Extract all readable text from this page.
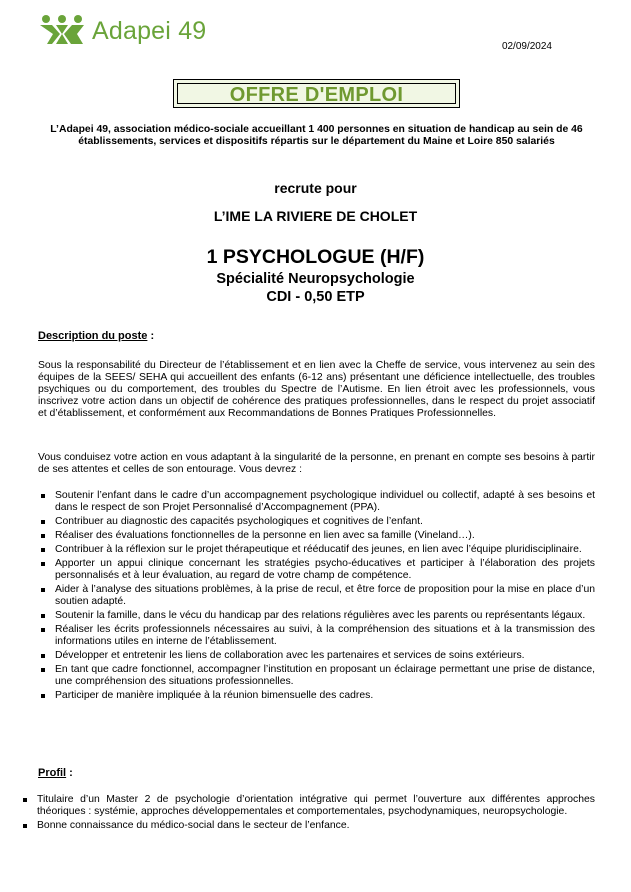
Adapei 49
02/09/2024
OFFRE D'EMPLOI
L’Adapei 49, association médico-sociale accueillant 1 400 personnes en situation de handicap au sein de 46 établissements, services et dispositifs répartis sur le département du Maine et Loire 850 salariés
recrute pour
L’IME LA RIVIERE DE CHOLET
1 PSYCHOLOGUE (H/F)
Spécialité Neuropsychologie
CDI - 0,50 ETP
Description du poste :
Sous la responsabilité du Directeur de l’établissement et en lien avec la Cheffe de service, vous intervenez au sein des équipes de la SEES/ SEHA qui accueillent des enfants (6-12 ans) présentant une déficience intellectuelle, des troubles psychiques ou du comportement, des troubles du Spectre de l’Autisme. En lien étroit avec les professionnels, vous inscrivez votre action dans un objectif de cohérence des pratiques professionnelles, dans le respect du projet associatif et d’établissement, et conformément aux Recommandations de Bonnes Pratiques Professionnelles.
Vous conduisez votre action en vous adaptant à la singularité de la personne, en prenant en compte ses besoins à partir de ses attentes et celles de son entourage. Vous devrez :
Soutenir l’enfant dans le cadre d’un accompagnement psychologique individuel ou collectif, adapté à ses besoins et dans le respect de son Projet Personnalisé d’Accompagnement (PPA).
Contribuer au diagnostic des capacités psychologiques et cognitives de l’enfant.
Réaliser des évaluations fonctionnelles de la personne en lien avec sa famille (Vineland…).
Contribuer à la réflexion sur le projet thérapeutique et rééducatif des jeunes, en lien avec l’équipe pluridisciplinaire.
Apporter un appui clinique concernant les stratégies psycho-éducatives et participer à l’élaboration des projets personnalisés et à leur évaluation, au regard de votre champ de compétence.
Aider à l’analyse des situations problèmes, à la prise de recul, et être force de proposition pour la mise en place d’un soutien adapté.
Soutenir la famille, dans le vécu du handicap par des relations régulières avec les parents ou représentants légaux.
Réaliser les écrits professionnels nécessaires au suivi, à la compréhension des situations et à la transmission des informations utiles en interne de l’établissement.
Développer et entretenir les liens de collaboration avec les partenaires et services de soins extérieurs.
En tant que cadre fonctionnel, accompagner l’institution en proposant un éclairage permettant une prise de distance, une compréhension des situations professionnelles.
Participer de manière impliquée à la réunion bimensuelle des cadres.
Profil :
Titulaire d’un Master 2 de psychologie d’orientation intégrative qui permet l’ouverture aux différentes approches théoriques : systémie, approches développementales et comportementales, psychodynamiques, neuropsychologie.
Bonne connaissance du médico-social dans le secteur de l’enfance.
